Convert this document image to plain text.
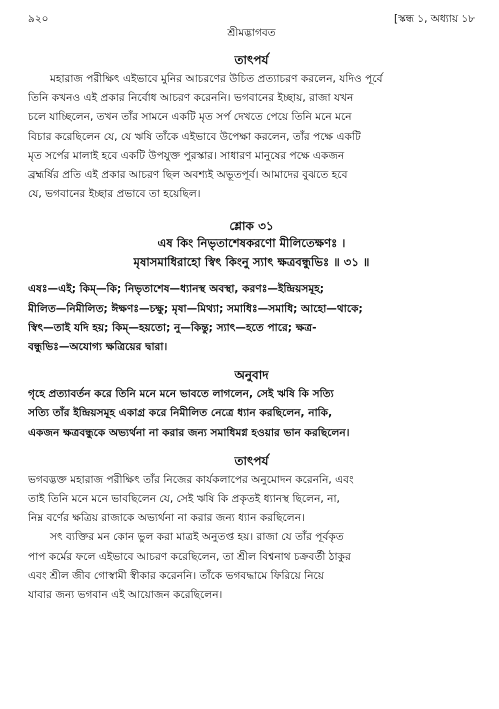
৯২০	[স্কন্ধ ১, অধ্যায় ১৮
শ্রীমদ্ভাগবত
তাৎপর্য

মহারাজ পরীক্ষিৎ এইভাবে মুনির আচরণের উচিত প্রত্যাচরণ করলেন, যদিও পূর্বে
তিনি কখনও এই প্রকার নির্বোধ আচরণ করেননি। ভগবানের ইচ্ছায়, রাজা যখন
চলে যাচ্ছিলেন, তখন তাঁর সামনে একটি মৃত সর্প দেখতে পেয়ে তিনি মনে মনে
বিচার করেছিলেন যে, যে ঋষি তাঁকে এইভাবে উপেক্ষা করলেন, তাঁর পক্ষে একটি
মৃত সর্পের মালাই হবে একটি উপযুক্ত পুরস্কার। সাধারণ মানুষের পক্ষে একজন
ব্রহ্মর্ষির প্রতি এই প্রকার আচরণ ছিল অবশ্যই অভূতপূর্ব। আমাদের বুঝতে হবে
যে, ভগবানের ইচ্ছার প্রভাবে তা হয়েছিল।

শ্লোক ৩১
এষ কিং নিভৃতাশেষকরণো মীলিতেক্ষণঃ ।
মৃষাসমাধিরাহো স্বিৎ কিংনু স্যাৎ ক্ষত্রবন্ধুভিঃ ॥ ৩১ ॥

এষঃ—এই; কিম্—কি; নিভৃতাশেষ—ধ্যানস্থ অবস্থা, করণঃ—ইন্দ্রিয়সমূহ;
মীলিত—নিমীলিত; ঈক্ষণঃ—চক্ষু; মৃষা—মিথ্যা; সমাধিঃ—সমাধি; আহো—থাকে;
স্বিৎ—তাই যদি হয়; কিম্—হয়তো; নু—কিন্তু; স্যাৎ—হতে পারে; ক্ষত্র-
বন্ধুভিঃ—অযোগ্য ক্ষত্রিয়ের দ্বারা।

অনুবাদ

গৃহে প্রত্যাবর্তন করে তিনি মনে মনে ভাবতে লাগলেন, সেই ঋষি কি সত্যি
সত্যি তাঁর ইন্দ্রিয়সমূহ একাগ্র করে নিমীলিত নেত্রে ধ্যান করছিলেন, নাকি,
একজন ক্ষত্রবন্ধুকে অভ্যর্থনা না করার জন্য সমাধিমগ্ন হওয়ার ভান করছিলেন।

তাৎপর্য

ভগবদ্ভক্ত মহারাজ পরীক্ষিৎ তাঁর নিজের কার্যকলাপের অনুমোদন করেননি, এবং
তাই তিনি মনে মনে ভাবছিলেন যে, সেই ঋষি কি প্রকৃতই ধ্যানস্থ ছিলেন, না,
নিম্ন বর্ণের ক্ষত্রিয় রাজাকে অভ্যর্থনা না করার জন্য ধ্যান করছিলেন।
সৎ ব্যক্তির মন কোন ভুল করা মাত্রই অনুতপ্ত হয়। রাজা যে তাঁর পূর্বকৃত
পাপ কর্মের ফলে এইভাবে আচরণ করেছিলেন, তা শ্রীল বিশ্বনাথ চক্রবর্তী ঠাকুর
এবং শ্রীল জীব গোস্বামী স্বীকার করেননি। তাঁকে ভগবদ্ধামে ফিরিয়ে নিয়ে
যাবার জন্য ভগবান এই আয়োজন করেছিলেন।
